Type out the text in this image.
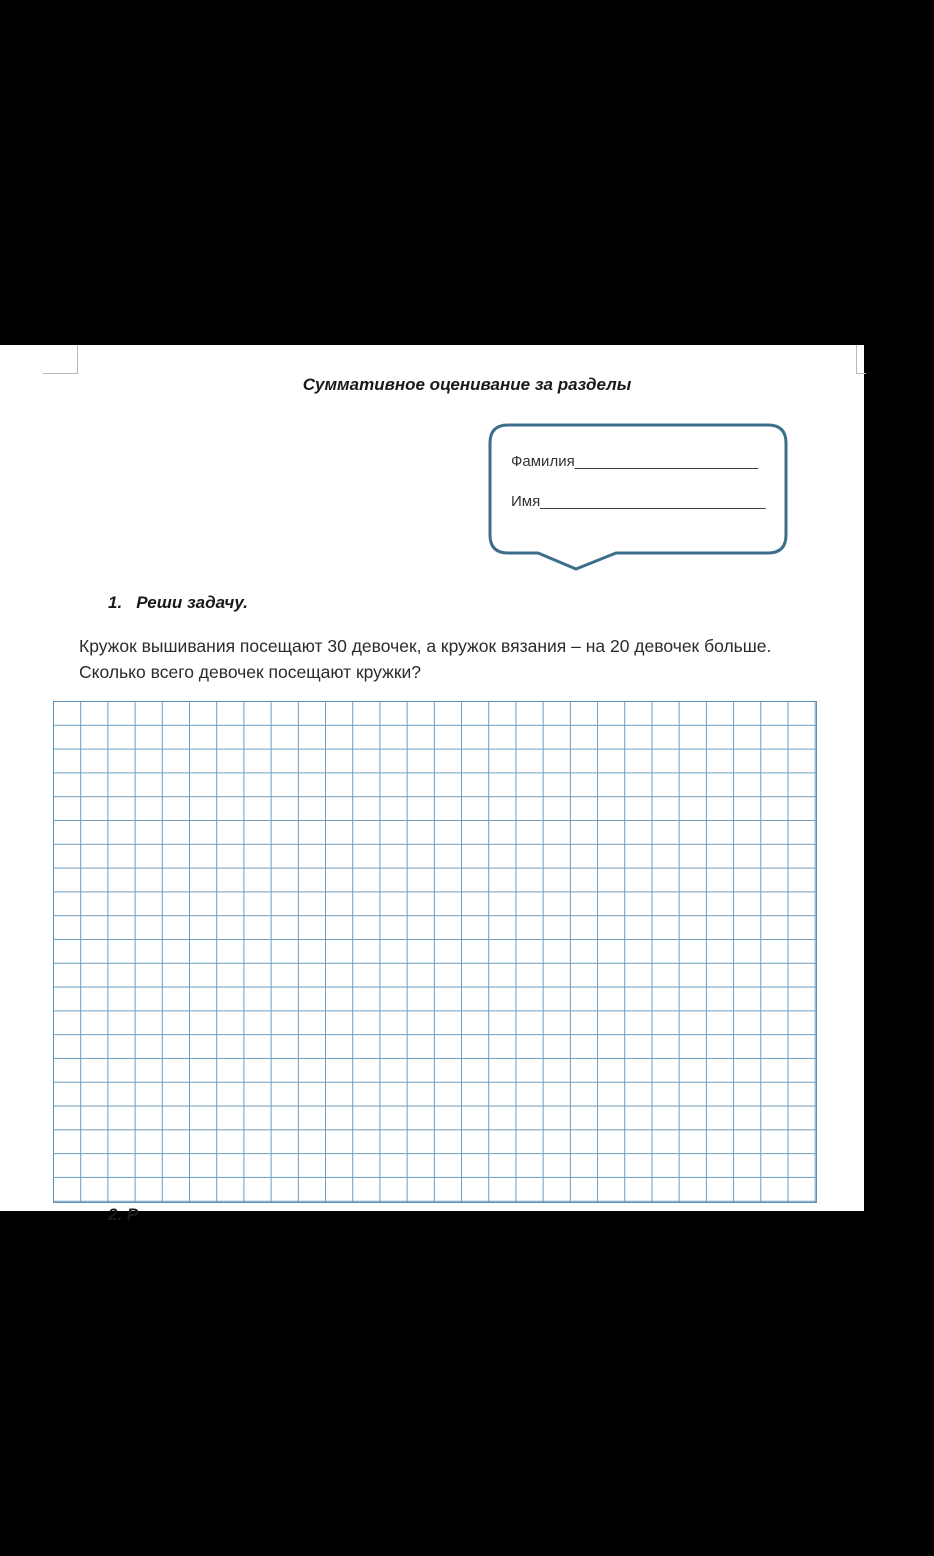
Суммативное оценивание за разделы
Фамилия______________________
Имя___________________________
1. Реши задачу.
Кружок вышивания посещают 30 девочек, а кружок вязания – на 20 девочек больше.
Сколько всего девочек посещают кружки?
2. Р
